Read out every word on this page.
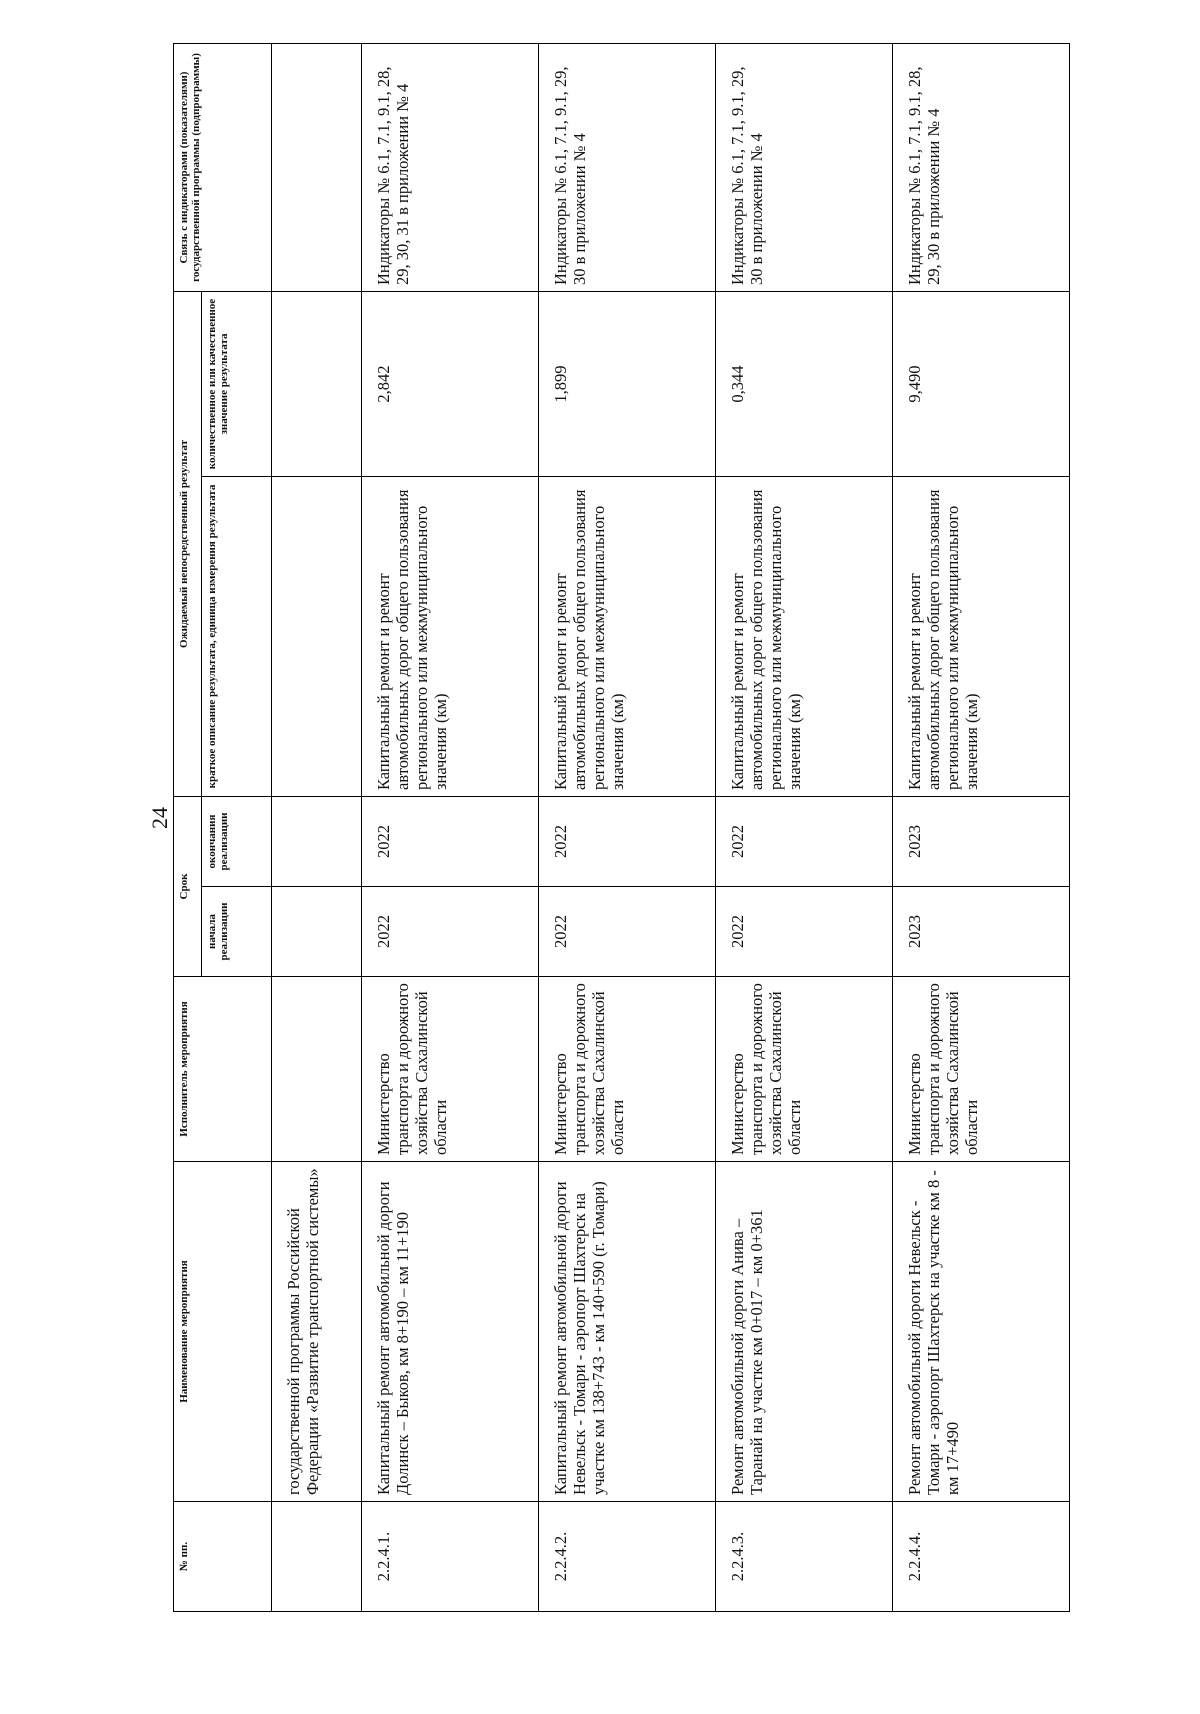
24
№ пп.	Наименование мероприятия	Исполнитель мероприятия	Срок		Ожидаемый непосредственный результат		Связь с индикаторами (показателями) государственной программы (подпрограммы)
			начала реализации	окончания реализации	краткое описание результата, единица измерения результата	количественное или качественное значение результата	
	государственной программы Российской Федерации «Развитие транспортной системы»						
2.2.4.1.	Капитальный ремонт автомобильной дороги Долинск – Быков, км 8+190 – км 11+190	Министерство транспорта и дорожного хозяйства Сахалинской области	2022	2022	Капитальный ремонт и ремонт автомобильных дорог общего пользования регионального или межмуниципального значения (км)	2,842	Индикаторы № 6.1, 7.1, 9.1, 28, 29, 30, 31 в приложении № 4
2.2.4.2.	Капитальный ремонт автомобильной дороги Невельск - Томари - аэропорт Шахтерск на участке км 138+743 - км 140+590 (г. Томари)	Министерство транспорта и дорожного хозяйства Сахалинской области	2022	2022	Капитальный ремонт и ремонт автомобильных дорог общего пользования регионального или межмуниципального значения (км)	1,899	Индикаторы № 6.1, 7.1, 9.1, 29, 30 в приложении № 4
2.2.4.3.	Ремонт автомобильной дороги Анива – Таранай на участке км 0+017 – км 0+361	Министерство транспорта и дорожного хозяйства Сахалинской области	2022	2022	Капитальный ремонт и ремонт автомобильных дорог общего пользования регионального или межмуниципального значения (км)	0,344	Индикаторы № 6.1, 7.1, 9.1, 29, 30 в приложении № 4
2.2.4.4.	Ремонт автомобильной дороги Невельск - Томари - аэропорт Шахтерск на участке км 8 - км 17+490	Министерство транспорта и дорожного хозяйства Сахалинской области	2023	2023	Капитальный ремонт и ремонт автомобильных дорог общего пользования регионального или межмуниципального значения (км)	9,490	Индикаторы № 6.1, 7.1, 9.1, 28, 29, 30 в приложении № 4
